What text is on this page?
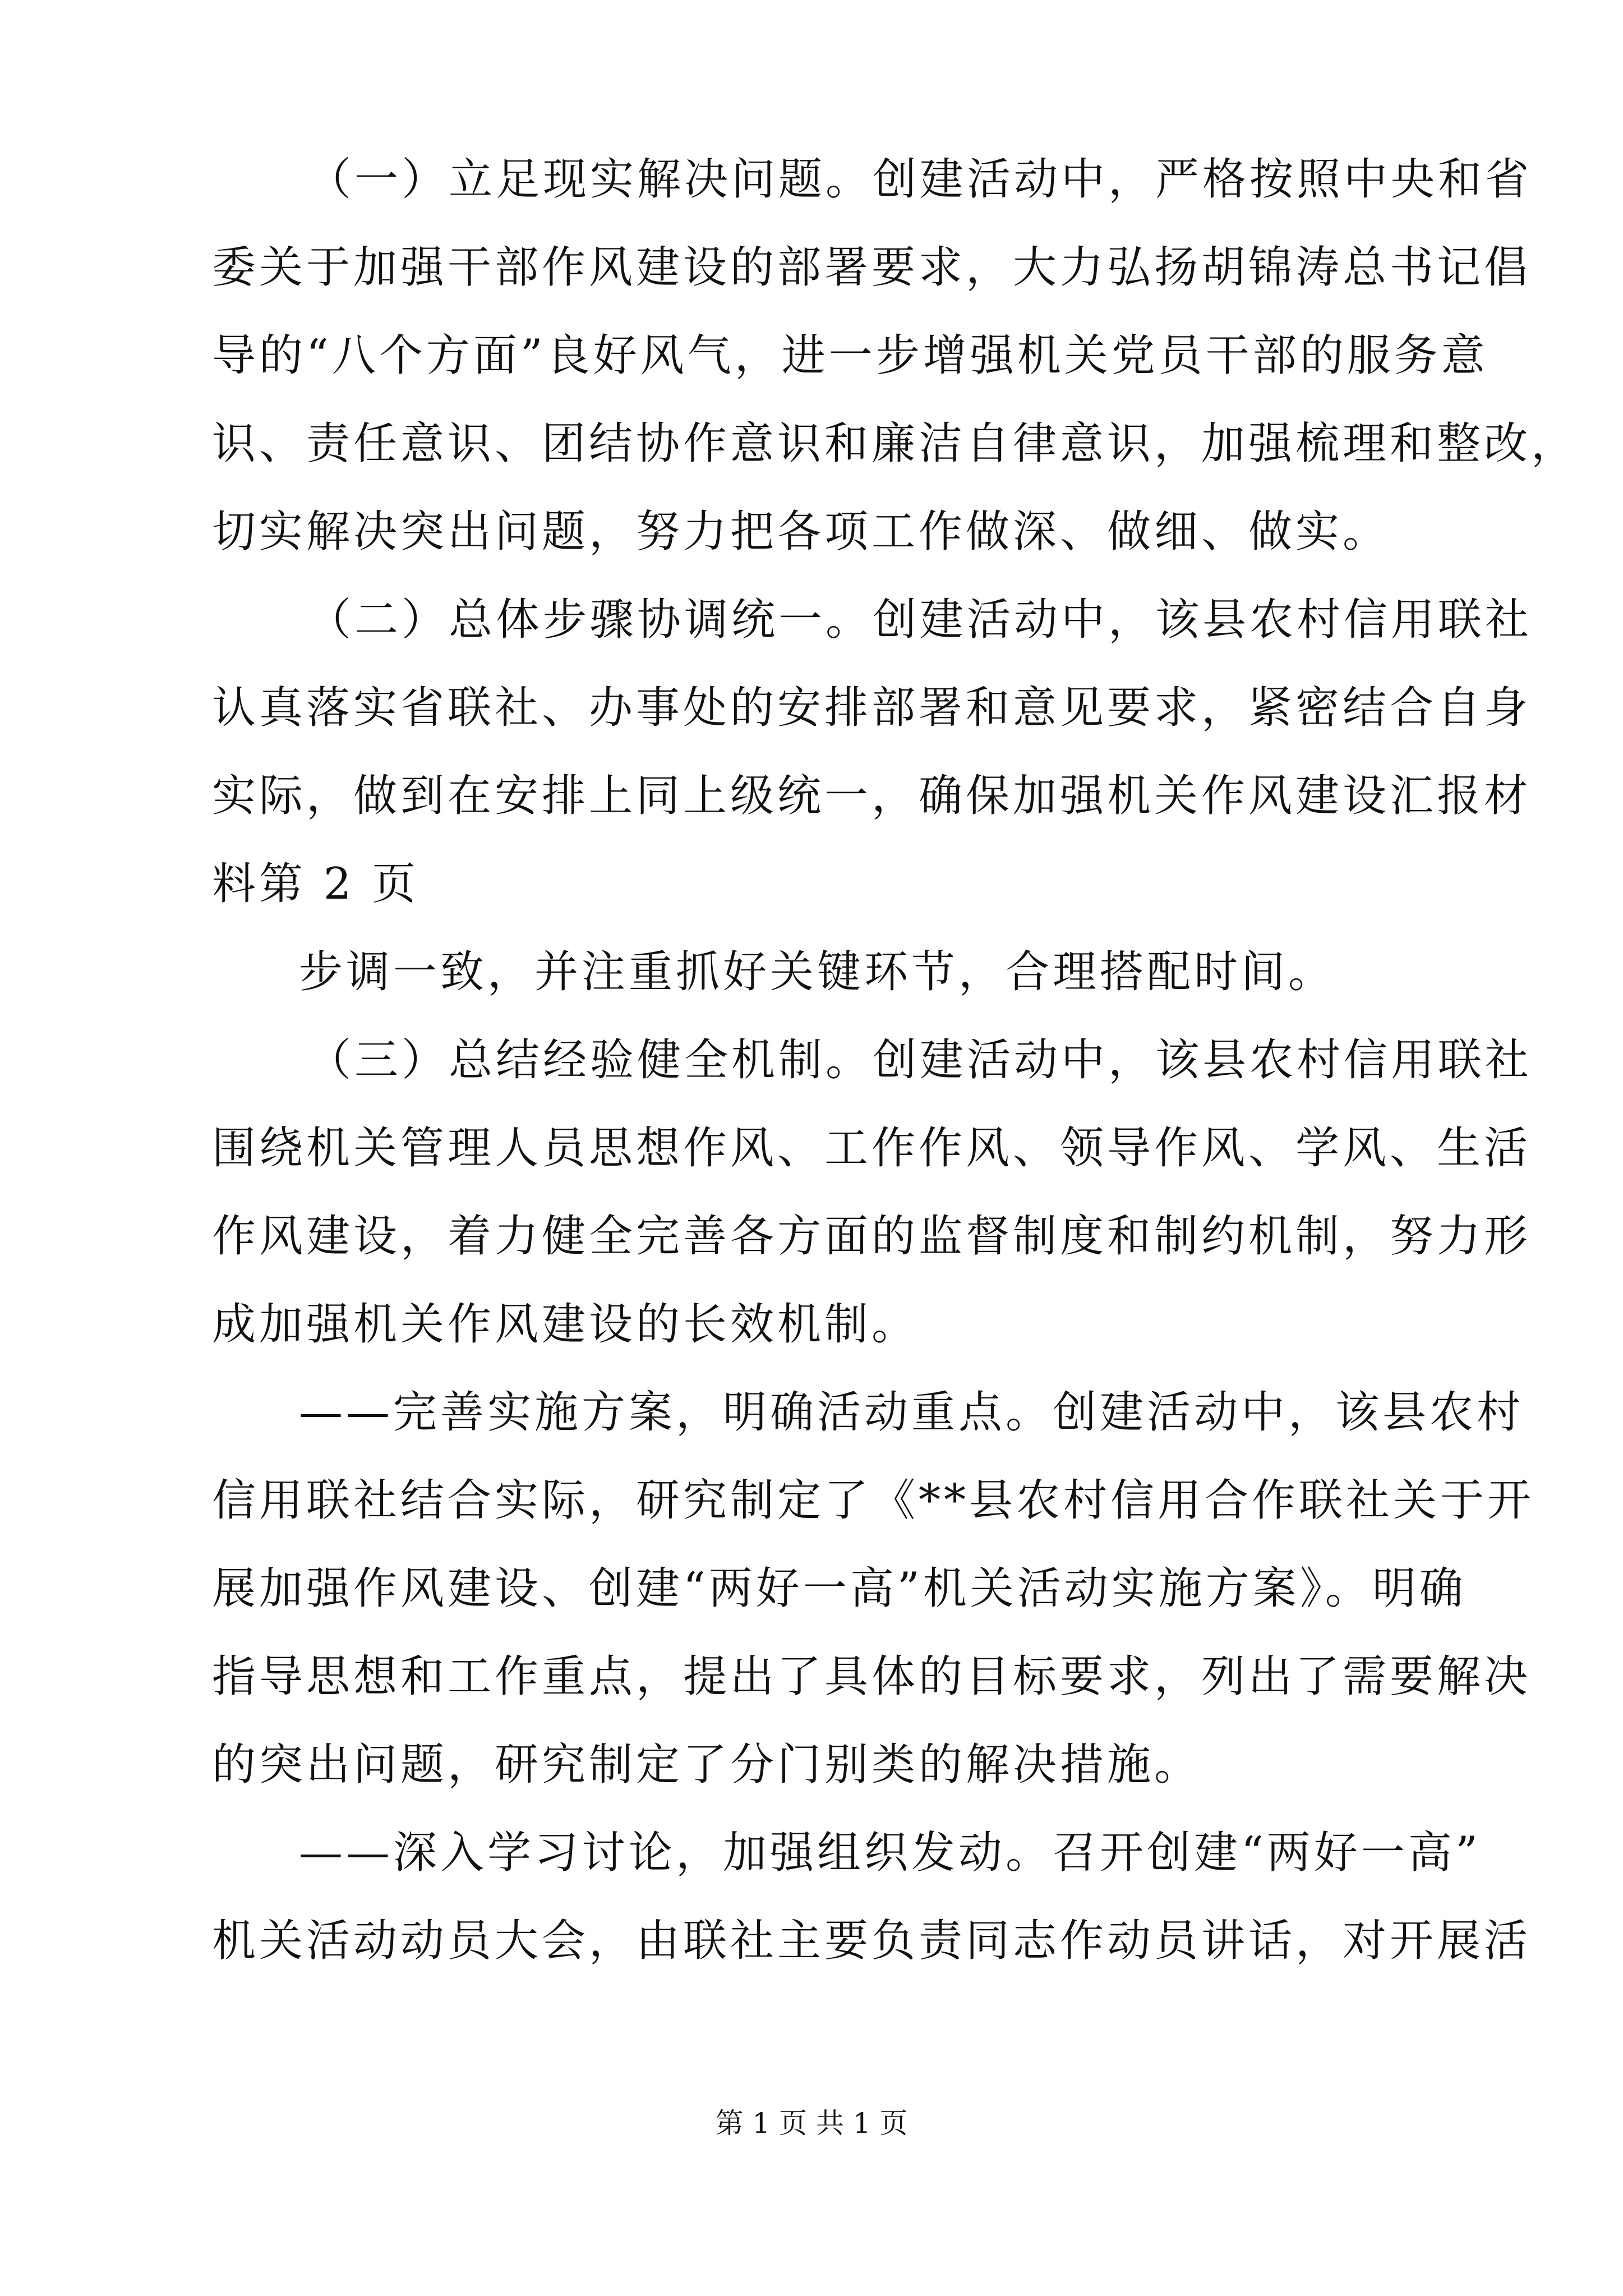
（一）立足现实解决问题。创建活动中，严格按照中央和省
委关于加强干部作风建设的部署要求，大力弘扬胡锦涛总书记倡
导的“八个方面”良好风气，进一步增强机关党员干部的服务意
识、责任意识、团结协作意识和廉洁自律意识，加强梳理和整改，
切实解决突出问题，努力把各项工作做深、做细、做实。
（二）总体步骤协调统一。创建活动中，该县农村信用联社
认真落实省联社、办事处的安排部署和意见要求，紧密结合自身
实际，做到在安排上同上级统一，确保加强机关作风建设汇报材
料第 2 页
步调一致，并注重抓好关键环节，合理搭配时间。
（三）总结经验健全机制。创建活动中，该县农村信用联社
围绕机关管理人员思想作风、工作作风、领导作风、学风、生活
作风建设，着力健全完善各方面的监督制度和制约机制，努力形
成加强机关作风建设的长效机制。
——完善实施方案，明确活动重点。创建活动中，该县农村
信用联社结合实际，研究制定了《**县农村信用合作联社关于开
展加强作风建设、创建“两好一高”机关活动实施方案》。明确
指导思想和工作重点，提出了具体的目标要求，列出了需要解决
的突出问题，研究制定了分门别类的解决措施。
——深入学习讨论，加强组织发动。召开创建“两好一高”
机关活动动员大会，由联社主要负责同志作动员讲话，对开展活
第 1 页 共 1 页
